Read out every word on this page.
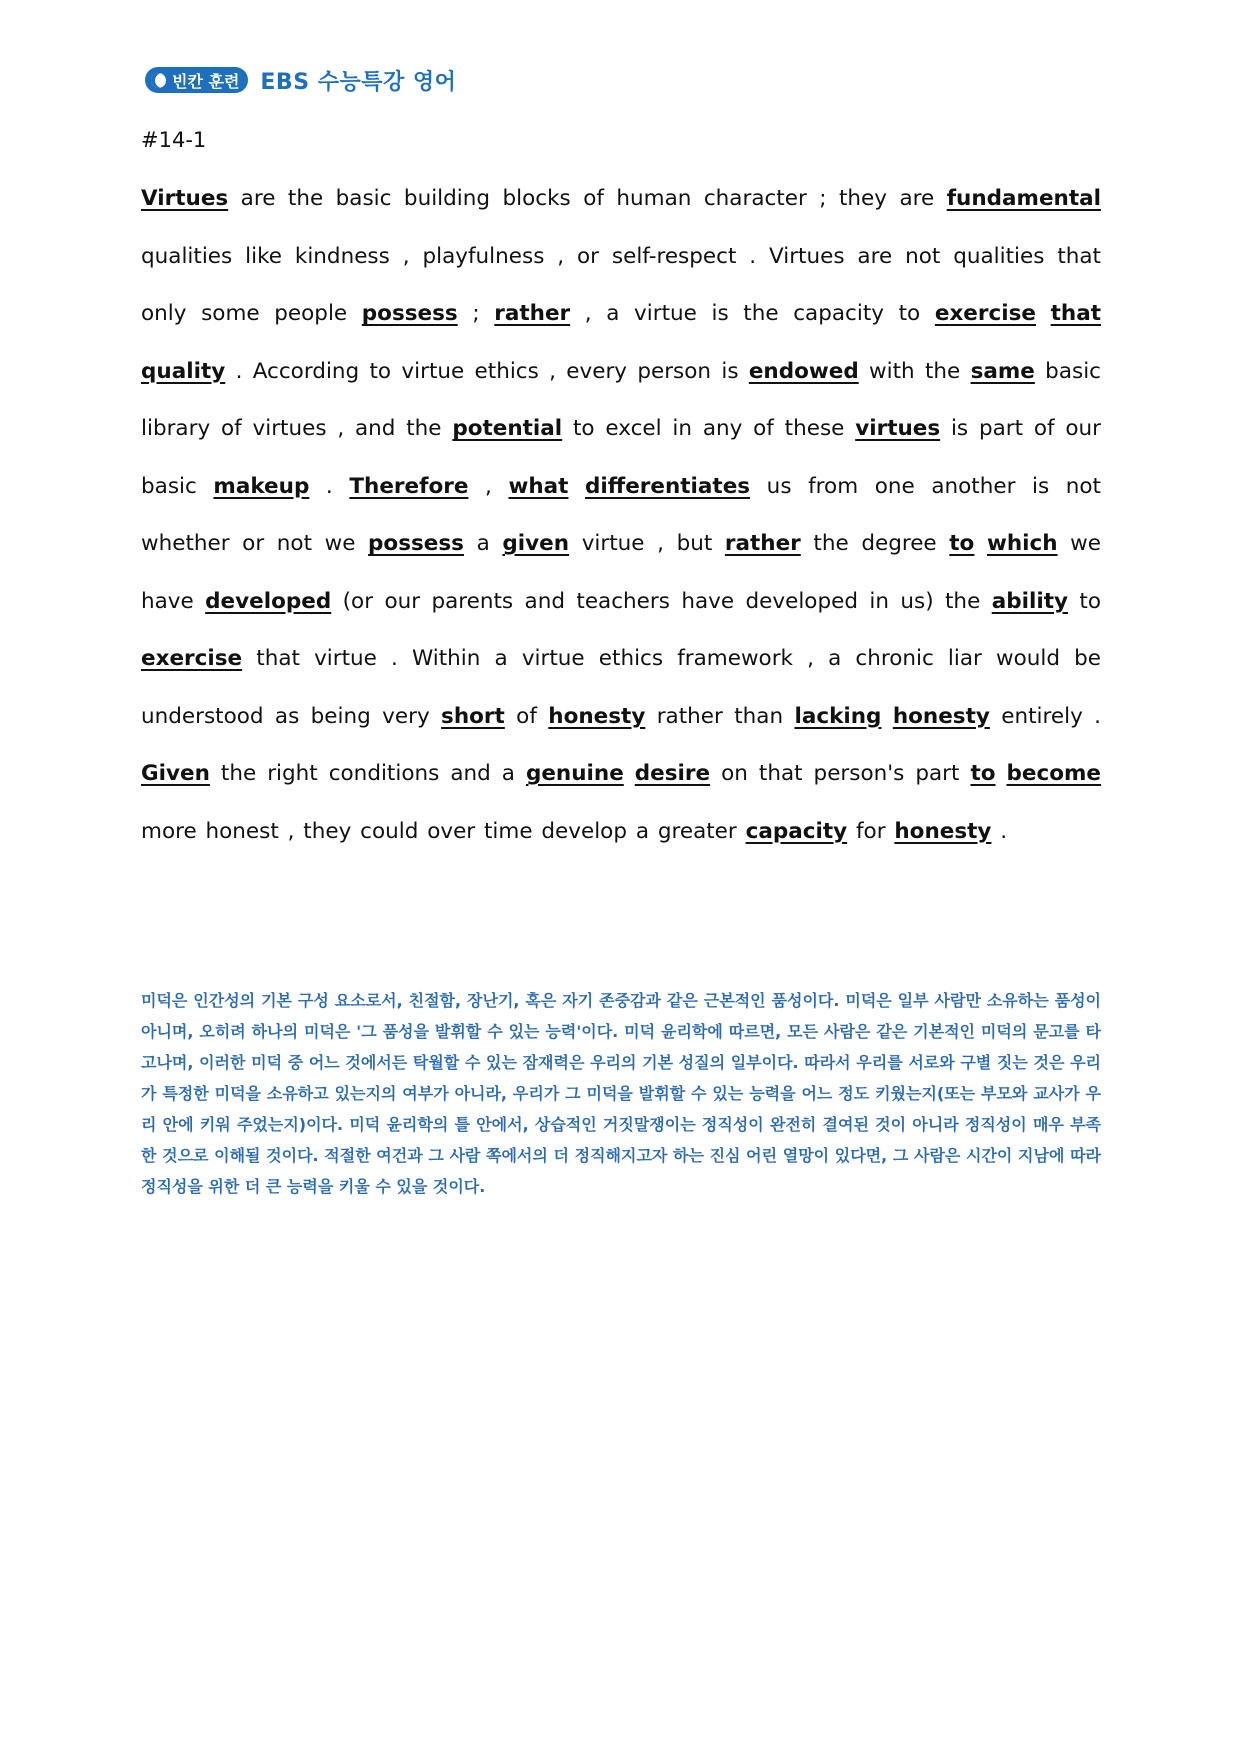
빈칸 훈련 EBS 수능특강 영어
#14-1
Virtues are the basic building blocks of human character ; they are fundamental qualities like kindness , playfulness , or self-respect . Virtues are not qualities that only some people possess ; rather , a virtue is the capacity to exercise that quality . According to virtue ethics , every person is endowed with the same basic library of virtues , and the potential to excel in any of these virtues is part of our basic makeup . Therefore , what differentiates us from one another is not whether or not we possess a given virtue , but rather the degree to which we have developed (or our parents and teachers have developed in us) the ability to exercise that virtue . Within a virtue ethics framework , a chronic liar would be understood as being very short of honesty rather than lacking honesty entirely . Given the right conditions and a genuine desire on that person's part to become more honest , they could over time develop a greater capacity for honesty .
미덕은 인간성의 기본 구성 요소로서, 친절함, 장난기, 혹은 자기 존중감과 같은 근본적인 품성이다. 미덕은 일부 사람만 소유하는 품성이 아니며, 오히려 하나의 미덕은 '그 품성을 발휘할 수 있는 능력'이다. 미덕 윤리학에 따르면, 모든 사람은 같은 기본적인 미덕의 문고를 타고나며, 이러한 미덕 중 어느 것에서든 탁월할 수 있는 잠재력은 우리의 기본 성질의 일부이다. 따라서 우리를 서로와 구별 짓는 것은 우리가 특정한 미덕을 소유하고 있는지의 여부가 아니라, 우리가 그 미덕을 발휘할 수 있는 능력을 어느 정도 키웠는지(또는 부모와 교사가 우리 안에 키워 주었는지)이다. 미덕 윤리학의 틀 안에서, 상습적인 거짓말쟁이는 정직성이 완전히 결여된 것이 아니라 정직성이 매우 부족한 것으로 이해될 것이다. 적절한 여건과 그 사람 쪽에서의 더 정직해지고자 하는 진심 어린 열망이 있다면, 그 사람은 시간이 지남에 따라 정직성을 위한 더 큰 능력을 키울 수 있을 것이다.
